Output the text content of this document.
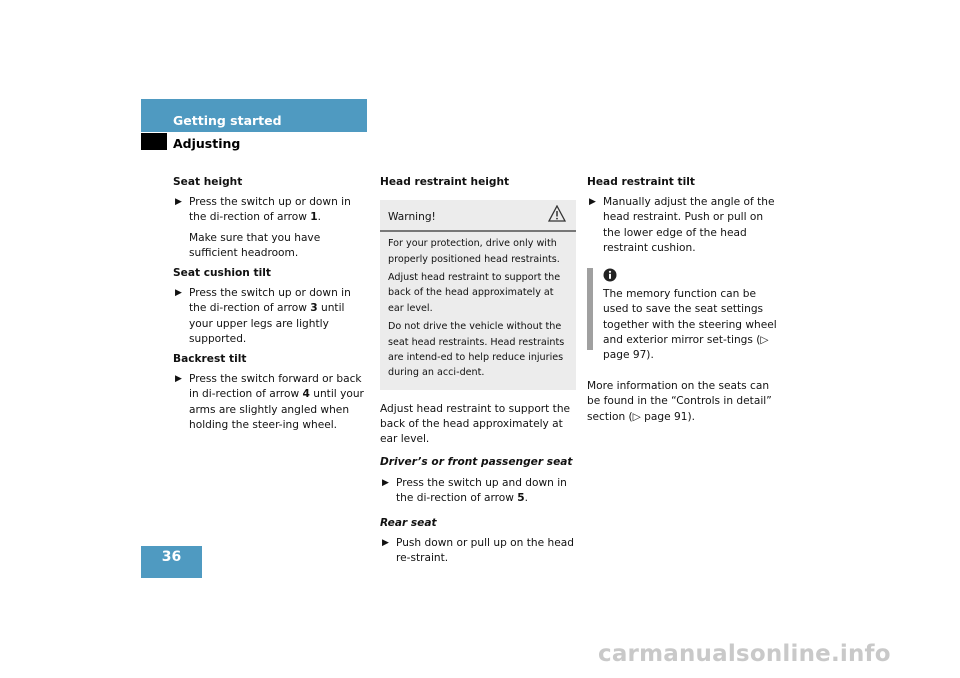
Getting started
Adjusting
Seat height
▶ Press the switch up or down in the di-rection of arrow 1.
Make sure that you have sufficient headroom.
Seat cushion tilt
▶ Press the switch up or down in the di-rection of arrow 3 until your upper legs are lightly supported.
Backrest tilt
▶ Press the switch forward or back in di-rection of arrow 4 until your arms are slightly angled when holding the steer-ing wheel.
Head restraint height
Warning!
For your protection, drive only with properly positioned head restraints.
Adjust head restraint to support the back of the head approximately at ear level.
Do not drive the vehicle without the seat head restraints. Head restraints are intend-ed to help reduce injuries during an acci-dent.
Adjust head restraint to support the back of the head approximately at ear level.
Driver’s or front passenger seat
▶ Press the switch up and down in the di-rection of arrow 5.
Rear seat
▶ Push down or pull up on the head re-straint.
Head restraint tilt
▶ Manually adjust the angle of the head restraint. Push or pull on the lower edge of the head restraint cushion.
The memory function can be used to save the seat settings together with the steering wheel and exterior mirror set-tings (▷ page 97).
More information on the seats can be found in the “Controls in detail” section (▷ page 91).
36
carmanualsonline.info
